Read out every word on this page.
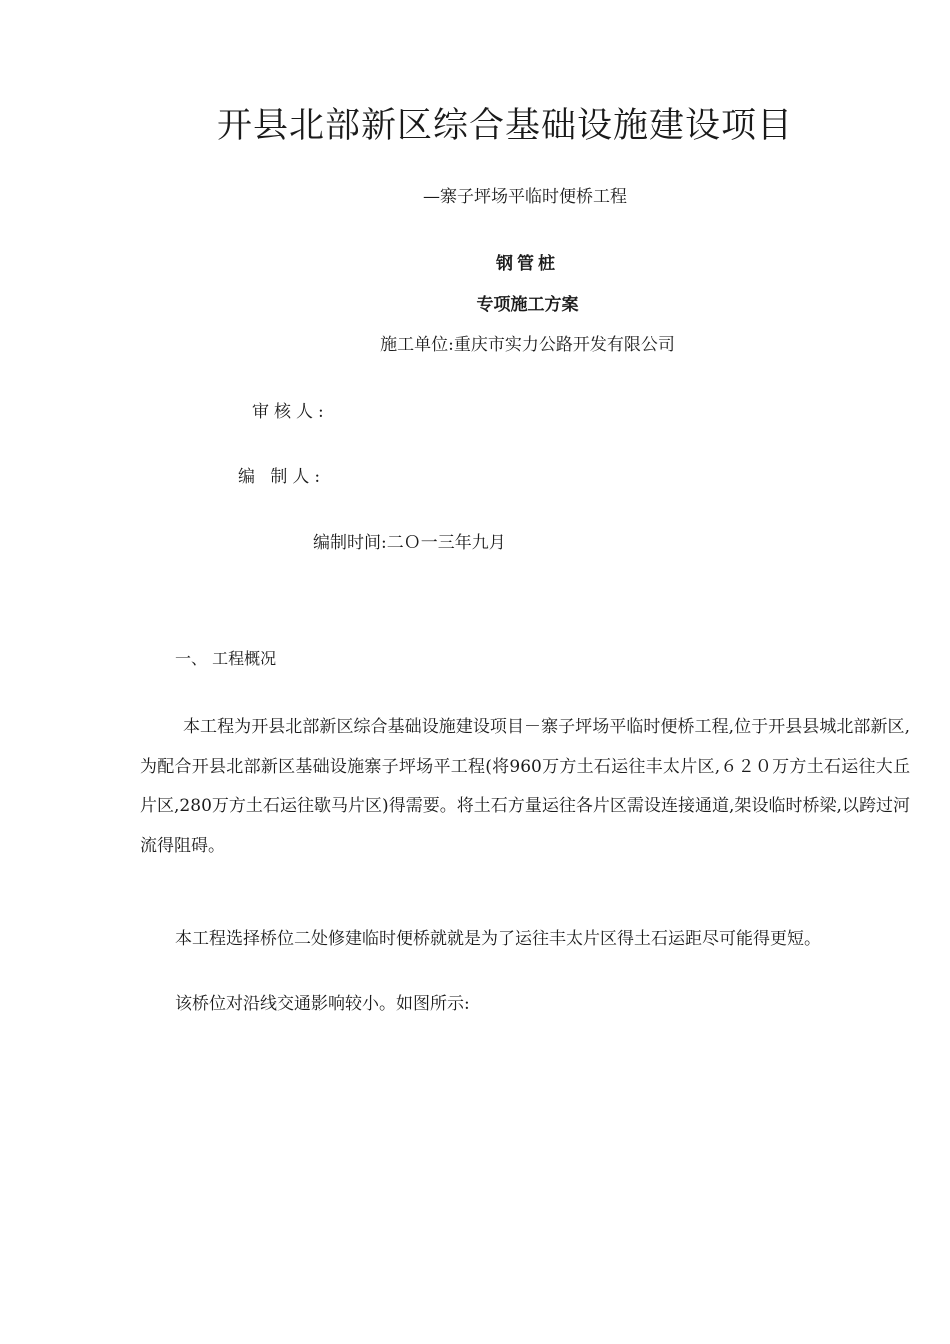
开县北部新区综合基础设施建设项目
—寨子坪场平临时便桥工程
钢管桩
专项施工方案
施工单位:重庆市实力公路开发有限公司
审核人:
编 制人:
编制时间:二Ｏ一三年九月
一、 工程概况

本工程为开县北部新区综合基础设施建设项目－寨子坪场平临时便桥工程,位于开县县城北部新区,为配合开县北部新区基础设施寨子坪场平工程(将960万方土石运往丰太片区,６２０万方土石运往大丘片区,280万方土石运往歇马片区)得需要。将土石方量运往各片区需设连接通道,架设临时桥梁,以跨过河流得阻碍。

本工程选择桥位二处修建临时便桥就就是为了运往丰太片区得土石运距尽可能得更短。
该桥位对沿线交通影响较小。如图所示:
